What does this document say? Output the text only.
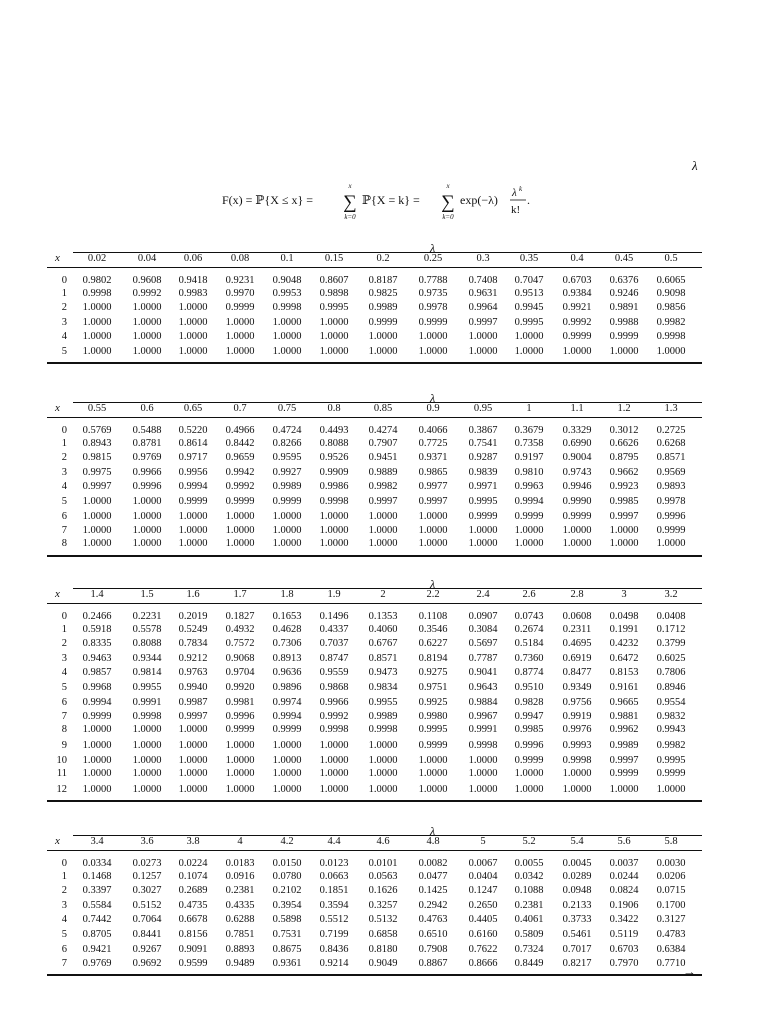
λ
F(x) = ℙ{X ≤ x} =
x
∑
k=0
ℙ{X = k} =
x
∑
k=0
exp(−λ) λ k
k!
.
λ
x	0.02	0.04	0.06	0.08	0.1	0.15	0.2	0.25	0.3	0.35	0.4	0.45	0.5
0	0.9802	0.9608	0.9418	0.9231	0.9048	0.8607	0.8187	0.7788	0.7408	0.7047	0.6703	0.6376	0.6065
1	0.9998	0.9992	0.9983	0.9970	0.9953	0.9898	0.9825	0.9735	0.9631	0.9513	0.9384	0.9246	0.9098
2	1.0000	1.0000	1.0000	0.9999	0.9998	0.9995	0.9989	0.9978	0.9964	0.9945	0.9921	0.9891	0.9856
3	1.0000	1.0000	1.0000	1.0000	1.0000	1.0000	0.9999	0.9999	0.9997	0.9995	0.9992	0.9988	0.9982
4	1.0000	1.0000	1.0000	1.0000	1.0000	1.0000	1.0000	1.0000	1.0000	1.0000	0.9999	0.9999	0.9998
5	1.0000	1.0000	1.0000	1.0000	1.0000	1.0000	1.0000	1.0000	1.0000	1.0000	1.0000	1.0000	1.0000
λ
x	0.55	0.6	0.65	0.7	0.75	0.8	0.85	0.9	0.95	1	1.1	1.2	1.3
0	0.5769	0.5488	0.5220	0.4966	0.4724	0.4493	0.4274	0.4066	0.3867	0.3679	0.3329	0.3012	0.2725
1	0.8943	0.8781	0.8614	0.8442	0.8266	0.8088	0.7907	0.7725	0.7541	0.7358	0.6990	0.6626	0.6268
2	0.9815	0.9769	0.9717	0.9659	0.9595	0.9526	0.9451	0.9371	0.9287	0.9197	0.9004	0.8795	0.8571
3	0.9975	0.9966	0.9956	0.9942	0.9927	0.9909	0.9889	0.9865	0.9839	0.9810	0.9743	0.9662	0.9569
4	0.9997	0.9996	0.9994	0.9992	0.9989	0.9986	0.9982	0.9977	0.9971	0.9963	0.9946	0.9923	0.9893
5	1.0000	1.0000	0.9999	0.9999	0.9999	0.9998	0.9997	0.9997	0.9995	0.9994	0.9990	0.9985	0.9978
6	1.0000	1.0000	1.0000	1.0000	1.0000	1.0000	1.0000	1.0000	0.9999	0.9999	0.9999	0.9997	0.9996
7	1.0000	1.0000	1.0000	1.0000	1.0000	1.0000	1.0000	1.0000	1.0000	1.0000	1.0000	1.0000	0.9999
8	1.0000	1.0000	1.0000	1.0000	1.0000	1.0000	1.0000	1.0000	1.0000	1.0000	1.0000	1.0000	1.0000
λ
x	1.4	1.5	1.6	1.7	1.8	1.9	2	2.2	2.4	2.6	2.8	3	3.2
0	0.2466	0.2231	0.2019	0.1827	0.1653	0.1496	0.1353	0.1108	0.0907	0.0743	0.0608	0.0498	0.0408
1	0.5918	0.5578	0.5249	0.4932	0.4628	0.4337	0.4060	0.3546	0.3084	0.2674	0.2311	0.1991	0.1712
2	0.8335	0.8088	0.7834	0.7572	0.7306	0.7037	0.6767	0.6227	0.5697	0.5184	0.4695	0.4232	0.3799
3	0.9463	0.9344	0.9212	0.9068	0.8913	0.8747	0.8571	0.8194	0.7787	0.7360	0.6919	0.6472	0.6025
4	0.9857	0.9814	0.9763	0.9704	0.9636	0.9559	0.9473	0.9275	0.9041	0.8774	0.8477	0.8153	0.7806
5	0.9968	0.9955	0.9940	0.9920	0.9896	0.9868	0.9834	0.9751	0.9643	0.9510	0.9349	0.9161	0.8946
6	0.9994	0.9991	0.9987	0.9981	0.9974	0.9966	0.9955	0.9925	0.9884	0.9828	0.9756	0.9665	0.9554
7	0.9999	0.9998	0.9997	0.9996	0.9994	0.9992	0.9989	0.9980	0.9967	0.9947	0.9919	0.9881	0.9832
8	1.0000	1.0000	1.0000	0.9999	0.9999	0.9998	0.9998	0.9995	0.9991	0.9985	0.9976	0.9962	0.9943
9	1.0000	1.0000	1.0000	1.0000	1.0000	1.0000	1.0000	0.9999	0.9998	0.9996	0.9993	0.9989	0.9982
10	1.0000	1.0000	1.0000	1.0000	1.0000	1.0000	1.0000	1.0000	1.0000	0.9999	0.9998	0.9997	0.9995
11	1.0000	1.0000	1.0000	1.0000	1.0000	1.0000	1.0000	1.0000	1.0000	1.0000	1.0000	0.9999	0.9999
12	1.0000	1.0000	1.0000	1.0000	1.0000	1.0000	1.0000	1.0000	1.0000	1.0000	1.0000	1.0000	1.0000
λ
x	3.4	3.6	3.8	4	4.2	4.4	4.6	4.8	5	5.2	5.4	5.6	5.8
0	0.0334	0.0273	0.0224	0.0183	0.0150	0.0123	0.0101	0.0082	0.0067	0.0055	0.0045	0.0037	0.0030
1	0.1468	0.1257	0.1074	0.0916	0.0780	0.0663	0.0563	0.0477	0.0404	0.0342	0.0289	0.0244	0.0206
2	0.3397	0.3027	0.2689	0.2381	0.2102	0.1851	0.1626	0.1425	0.1247	0.1088	0.0948	0.0824	0.0715
3	0.5584	0.5152	0.4735	0.4335	0.3954	0.3594	0.3257	0.2942	0.2650	0.2381	0.2133	0.1906	0.1700
4	0.7442	0.7064	0.6678	0.6288	0.5898	0.5512	0.5132	0.4763	0.4405	0.4061	0.3733	0.3422	0.3127
5	0.8705	0.8441	0.8156	0.7851	0.7531	0.7199	0.6858	0.6510	0.6160	0.5809	0.5461	0.5119	0.4783
6	0.9421	0.9267	0.9091	0.8893	0.8675	0.8436	0.8180	0.7908	0.7622	0.7324	0.7017	0.6703	0.6384
7	0.9769	0.9692	0.9599	0.9489	0.9361	0.9214	0.9049	0.8867	0.8666	0.8449	0.8217	0.7970	0.7710
→
